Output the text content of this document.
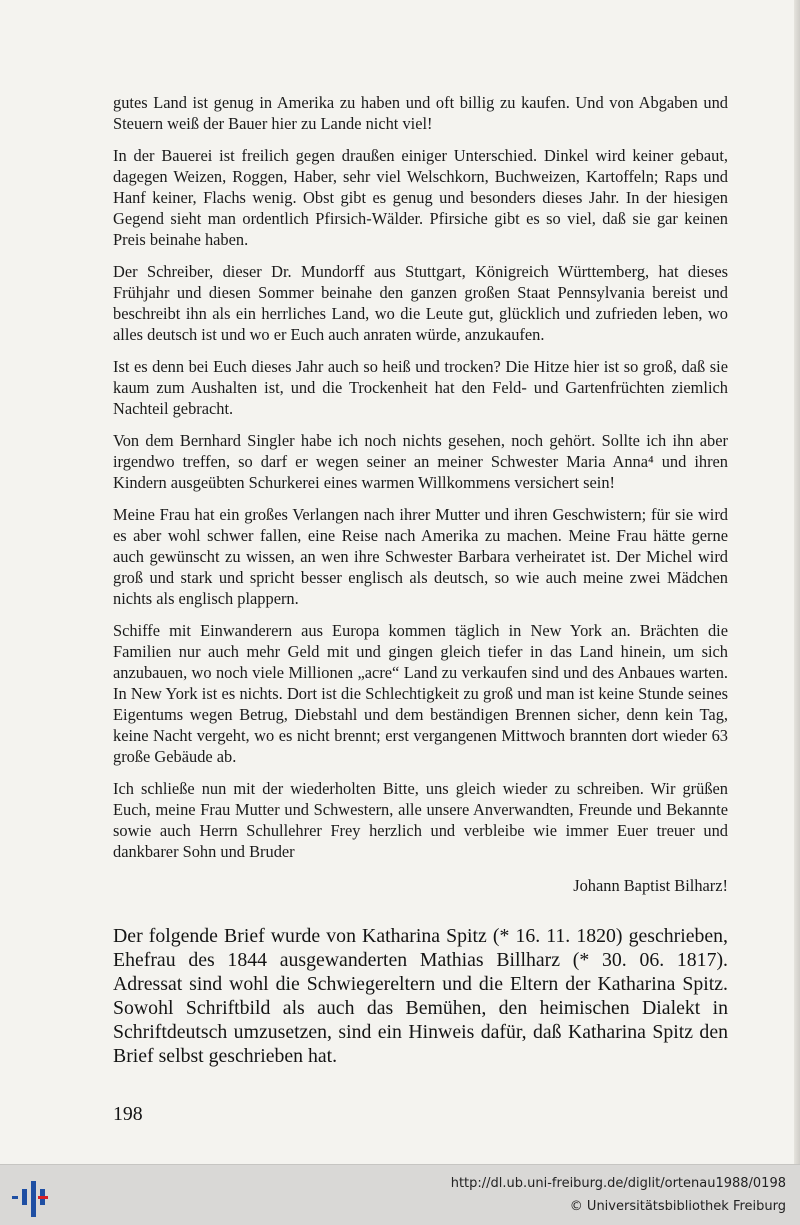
gutes Land ist genug in Amerika zu haben und oft billig zu kaufen. Und von Abgaben und Steuern weiß der Bauer hier zu Lande nicht viel!

In der Bauerei ist freilich gegen draußen einiger Unterschied. Dinkel wird keiner gebaut, dagegen Weizen, Roggen, Haber, sehr viel Welschkorn, Buchweizen, Kartoffeln; Raps und Hanf keiner, Flachs wenig. Obst gibt es genug und besonders dieses Jahr. In der hiesigen Gegend sieht man ordentlich Pfirsich-Wälder. Pfirsiche gibt es so viel, daß sie gar keinen Preis beinahe haben.

Der Schreiber, dieser Dr. Mundorff aus Stuttgart, Königreich Württemberg, hat dieses Frühjahr und diesen Sommer beinahe den ganzen großen Staat Pennsylvania bereist und beschreibt ihn als ein herrliches Land, wo die Leute gut, glücklich und zufrieden leben, wo alles deutsch ist und wo er Euch auch anraten würde, anzukaufen.

Ist es denn bei Euch dieses Jahr auch so heiß und trocken? Die Hitze hier ist so groß, daß sie kaum zum Aushalten ist, und die Trockenheit hat den Feld- und Gartenfrüchten ziemlich Nachteil gebracht.

Von dem Bernhard Singler habe ich noch nichts gesehen, noch gehört. Sollte ich ihn aber irgendwo treffen, so darf er wegen seiner an meiner Schwester Maria Anna⁴ und ihren Kindern ausgeübten Schurkerei eines warmen Willkommens versichert sein!

Meine Frau hat ein großes Verlangen nach ihrer Mutter und ihren Geschwistern; für sie wird es aber wohl schwer fallen, eine Reise nach Amerika zu machen. Meine Frau hätte gerne auch gewünscht zu wissen, an wen ihre Schwester Barbara verheiratet ist. Der Michel wird groß und stark und spricht besser englisch als deutsch, so wie auch meine zwei Mädchen nichts als englisch plappern.

Schiffe mit Einwanderern aus Europa kommen täglich in New York an. Brächten die Familien nur auch mehr Geld mit und gingen gleich tiefer in das Land hinein, um sich anzubauen, wo noch viele Millionen „acre“ Land zu verkaufen sind und des Anbaues warten. In New York ist es nichts. Dort ist die Schlechtigkeit zu groß und man ist keine Stunde seines Eigentums wegen Betrug, Diebstahl und dem beständigen Brennen sicher, denn kein Tag, keine Nacht vergeht, wo es nicht brennt; erst vergangenen Mittwoch brannten dort wieder 63 große Gebäude ab.

Ich schließe nun mit der wiederholten Bitte, uns gleich wieder zu schreiben. Wir grüßen Euch, meine Frau Mutter und Schwestern, alle unsere Anverwandten, Freunde und Bekannte sowie auch Herrn Schullehrer Frey herzlich und verbleibe wie immer Euer treuer und dankbarer Sohn und Bruder

Johann Baptist Bilharz!

Der folgende Brief wurde von Katharina Spitz (* 16. 11. 1820) geschrieben, Ehefrau des 1844 ausgewanderten Mathias Billharz (* 30. 06. 1817). Adressat sind wohl die Schwiegereltern und die Eltern der Katharina Spitz. Sowohl Schriftbild als auch das Bemühen, den heimischen Dialekt in Schriftdeutsch umzusetzen, sind ein Hinweis dafür, daß Katharina Spitz den Brief selbst geschrieben hat.

198
http://dl.ub.uni-freiburg.de/diglit/ortenau1988/0198
© Universitätsbibliothek Freiburg
